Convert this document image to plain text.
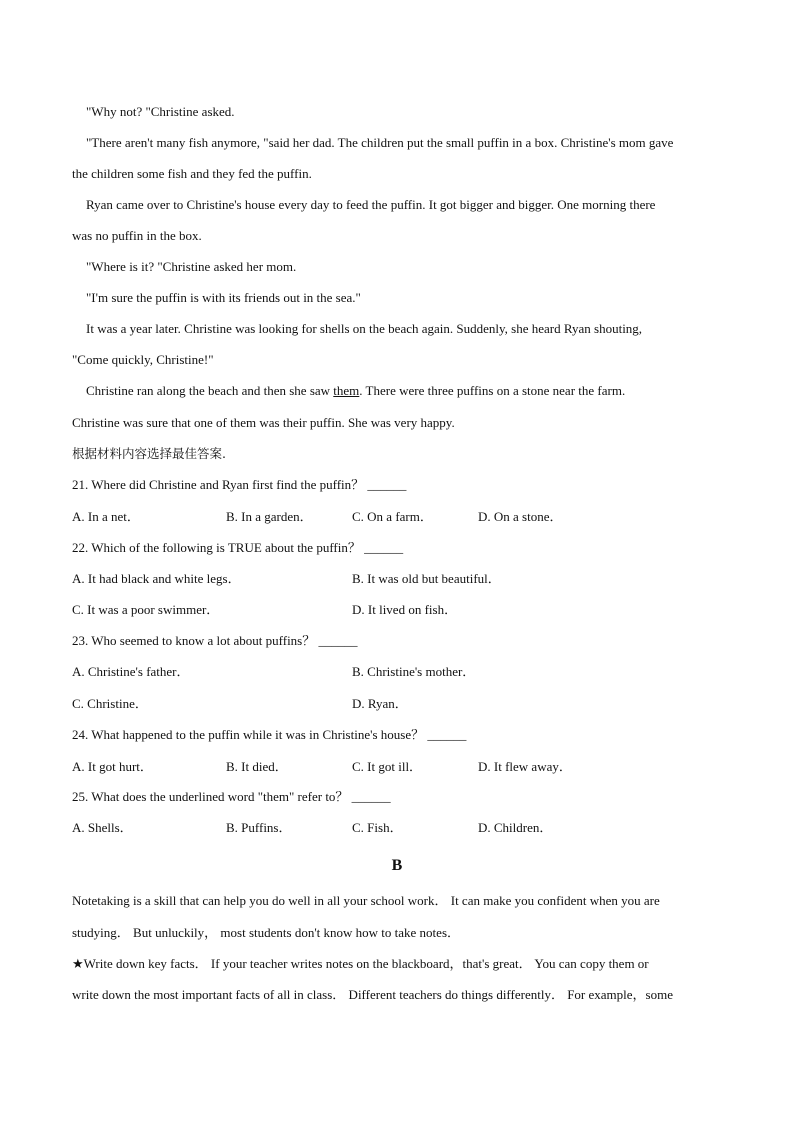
"Why not? "Christine asked.
"There aren't many fish anymore, "said her dad. The children put the small puffin in a box. Christine's mom gave
the children some fish and they fed the puffin.
Ryan came over to Christine's house every day to feed the puffin. It got bigger and bigger. One morning there
was no puffin in the box.
"Where is it? "Christine asked her mom.
"I'm sure the puffin is with its friends out in the sea."
It was a year later. Christine was looking for shells on the beach again. Suddenly, she heard Ryan shouting,
"Come quickly, Christine!"
Christine ran along the beach and then she saw them. There were three puffins on a stone near the farm.
Christine was sure that one of them was their puffin. She was very happy.
根据材料内容选择最佳答案.
21. Where did Christine and Ryan first find the puffin？ ______
A. In a net．	B. In a garden．	C. On a farm．	D. On a stone．
22. Which of the following is TRUE about the puffin？ ______
A. It had black and white legs．	B. It was old but beautiful．
C. It was a poor swimmer．	D. It lived on fish．
23. Who seemed to know a lot about puffins？ ______
A. Christine's father．	B. Christine's mother．
C. Christine．	D. Ryan．
24. What happened to the puffin while it was in Christine's house？ ______
A. It got hurt．	B. It died．	C. It got ill．	D. It flew away．
25. What does the underlined word "them" refer to？ ______
A. Shells．	B. Puffins．	C. Fish．	D. Children．
B
Notetaking is a skill that can help you do well in all your school work． It can make you confident when you are
studying． But unluckily， most students don't know how to take notes．
★Write down key facts． If your teacher writes notes on the blackboard，that's great． You can copy them or
write down the most important facts of all in class． Different teachers do things differently． For example，some
